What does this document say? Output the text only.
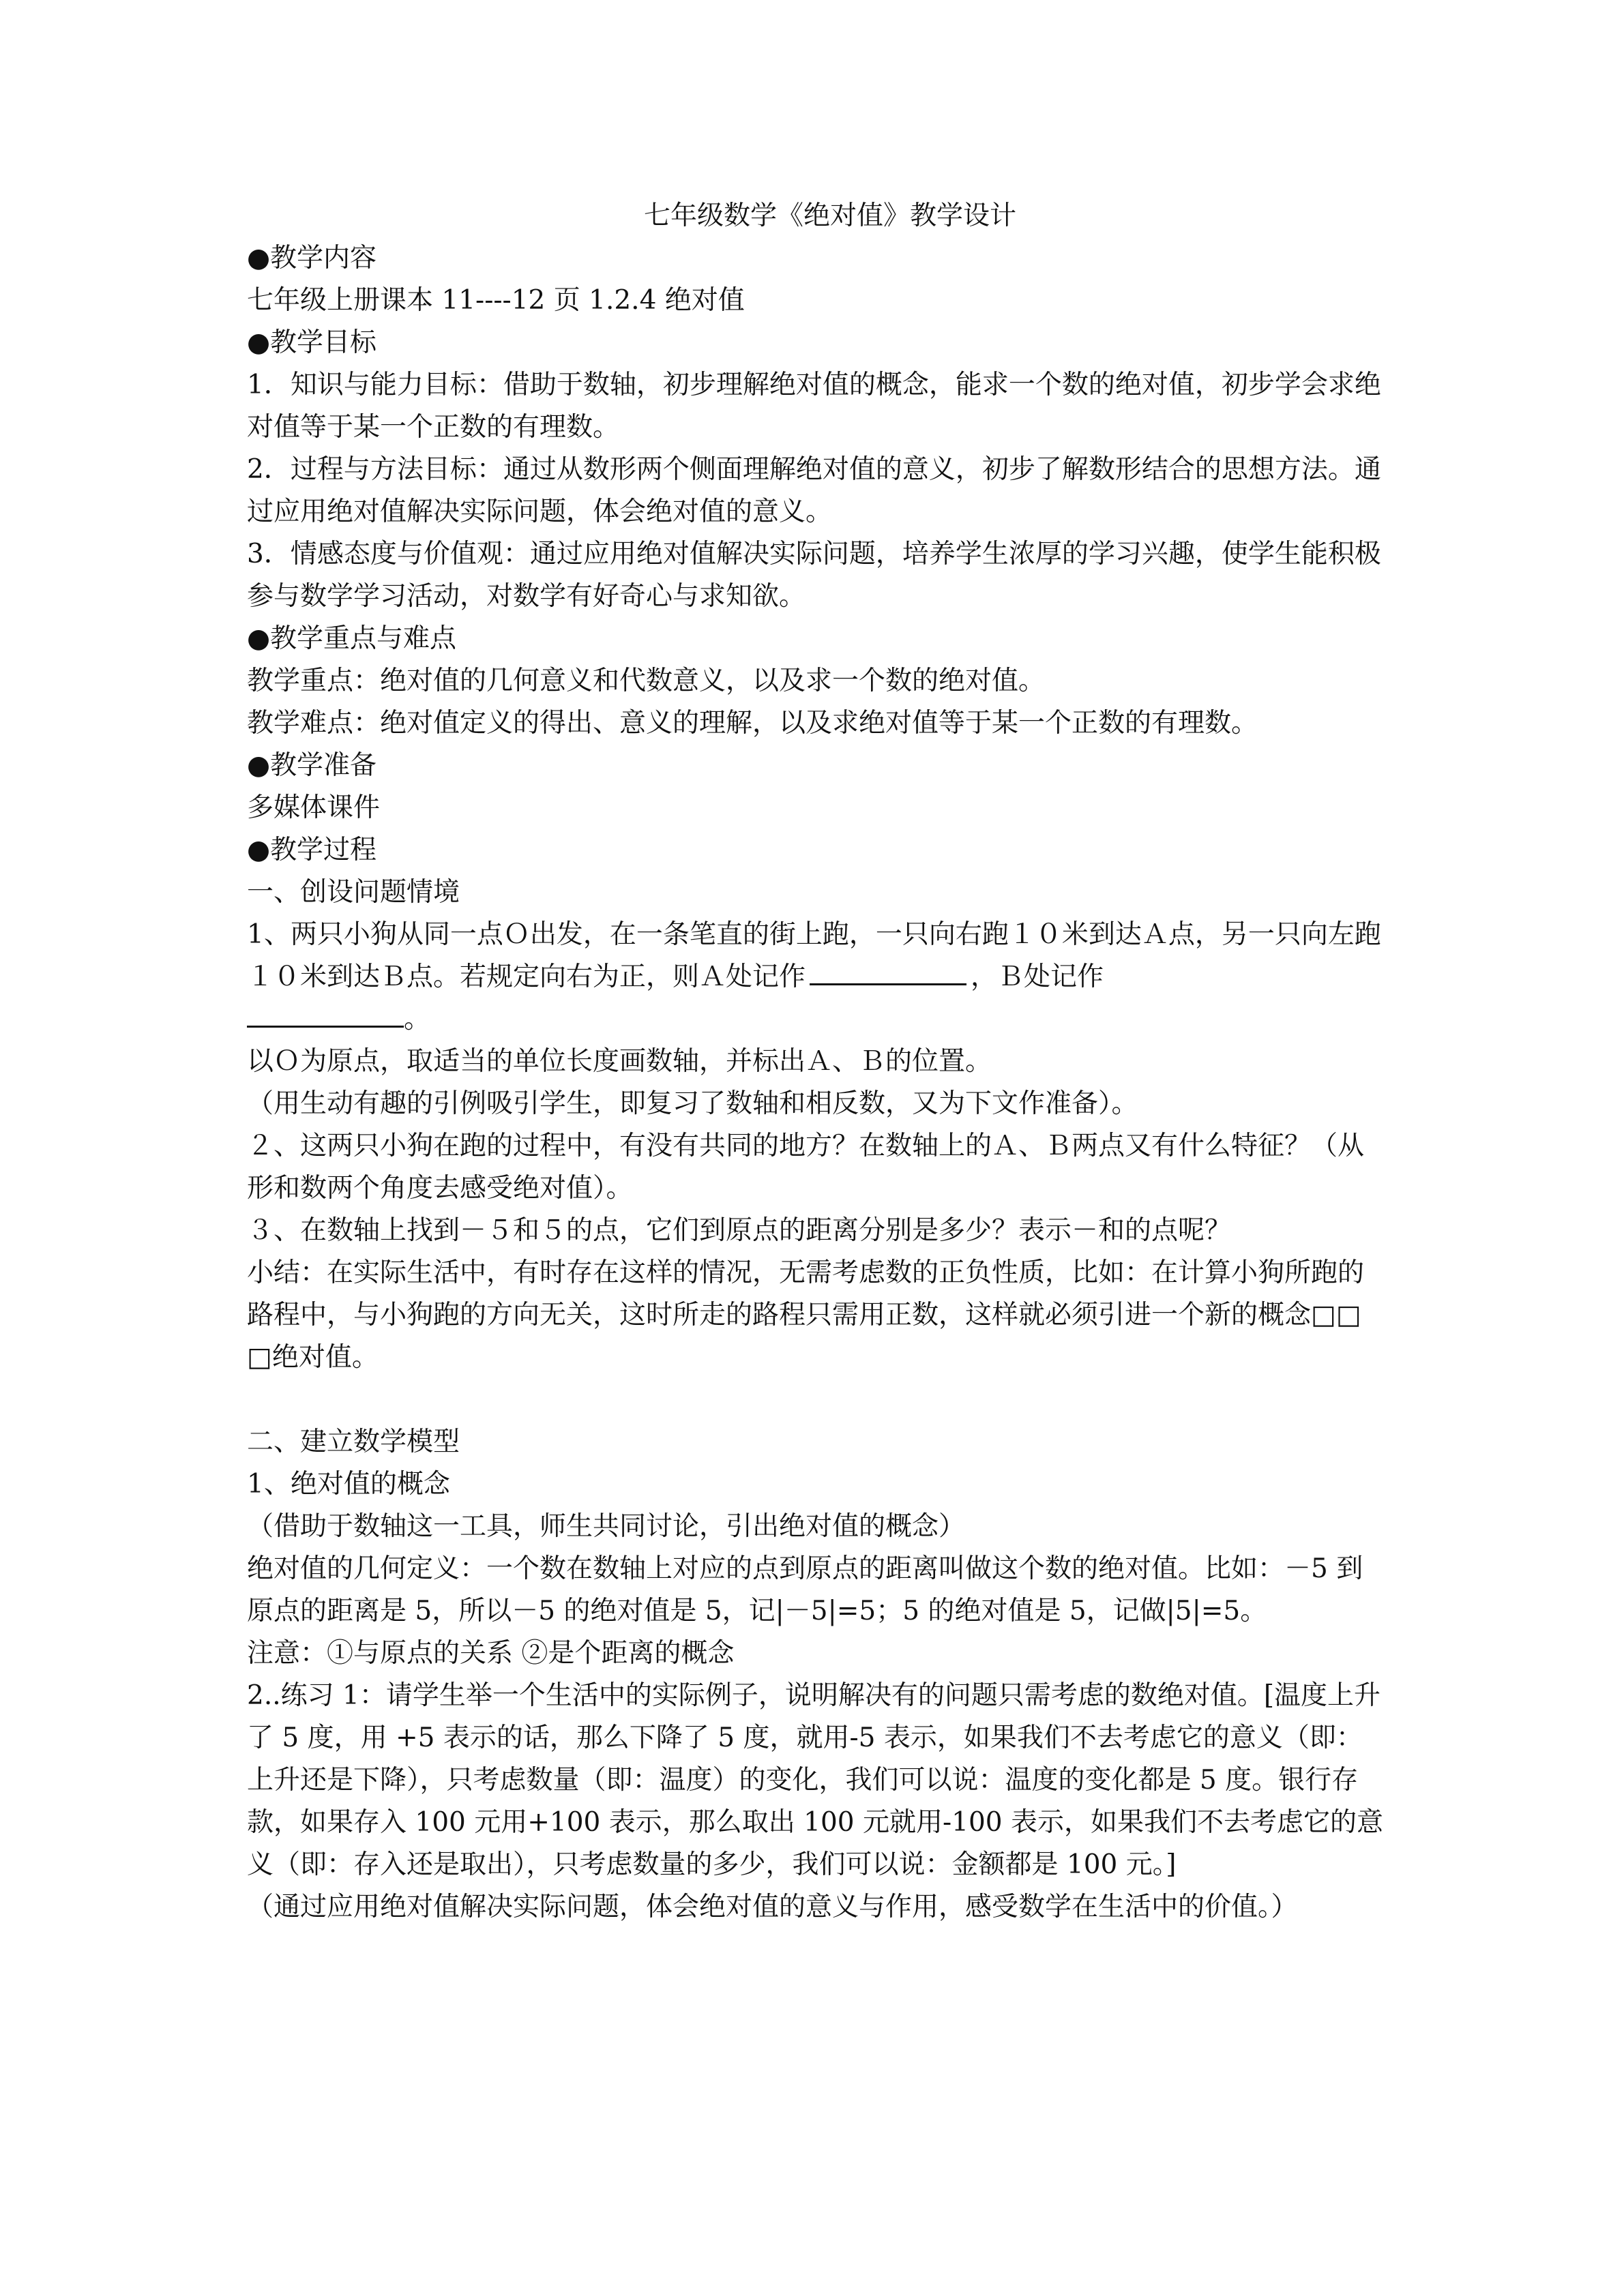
七年级数学《绝对值》教学设计

●教学内容

七年级上册课本 11----12 页 1.2.4 绝对值

●教学目标

1．知识与能力目标：借助于数轴，初步理解绝对值的概念，能求一个数的绝对值，初步学会求绝对值等于某一个正数的有理数。

2．过程与方法目标：通过从数形两个侧面理解绝对值的意义，初步了解数形结合的思想方法。通过应用绝对值解决实际问题，体会绝对值的意义。

3．情感态度与价值观：通过应用绝对值解决实际问题，培养学生浓厚的学习兴趣，使学生能积极参与数学学习活动，对数学有好奇心与求知欲。

●教学重点与难点

教学重点：绝对值的几何意义和代数意义，以及求一个数的绝对值。

教学难点：绝对值定义的得出、意义的理解，以及求绝对值等于某一个正数的有理数。

●教学准备

多媒体课件

●教学过程

一、创设问题情境

1、两只小狗从同一点Ｏ出发，在一条笔直的街上跑，一只向右跑１０米到达Ａ点，另一只向左跑１０米到达Ｂ点。若规定向右为正，则Ａ处记作	，Ｂ处记作

。

以Ｏ为原点，取适当的单位长度画数轴，并标出Ａ、Ｂ的位置。

（用生动有趣的引例吸引学生，即复习了数轴和相反数，又为下文作准备）。

２、这两只小狗在跑的过程中，有没有共同的地方？在数轴上的Ａ、Ｂ两点又有什么特征？（从形和数两个角度去感受绝对值）。

３、在数轴上找到－５和５的点，它们到原点的距离分别是多少？表示－和的点呢？

小结：在实际生活中，有时存在这样的情况，无需考虑数的正负性质，比如：在计算小狗所跑的路程中，与小狗跑的方向无关，这时所走的路程只需用正数，这样就必须引进一个新的概念□□□绝对值。

二、建立数学模型

1、绝对值的概念

（借助于数轴这一工具，师生共同讨论，引出绝对值的概念）

绝对值的几何定义：一个数在数轴上对应的点到原点的距离叫做这个数的绝对值。比如：－5 到原点的距离是 5，所以－5 的绝对值是 5，记|－5|=5；5 的绝对值是 5，记做|5|=5。

注意：①与原点的关系 ②是个距离的概念

2..练习 1：请学生举一个生活中的实际例子，说明解决有的问题只需考虑的数绝对值。[温度上升了 5 度，用 +5 表示的话，那么下降了 5 度，就用-5 表示，如果我们不去考虑它的意义（即：上升还是下降），只考虑数量（即：温度）的变化，我们可以说：温度的变化都是 5 度。银行存款，如果存入 100 元用+100 表示，那么取出 100 元就用-100 表示，如果我们不去考虑它的意义（即：存入还是取出），只考虑数量的多少，我们可以说：金额都是 100 元。]

（通过应用绝对值解决实际问题，体会绝对值的意义与作用，感受数学在生活中的价值。）
